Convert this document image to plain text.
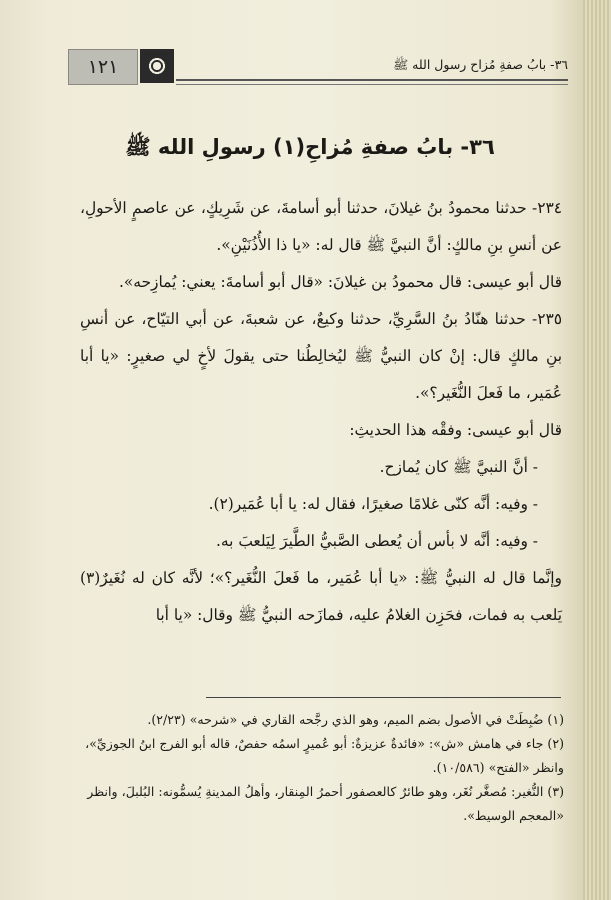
٣٦- بابُ صفةِ مُزاح رسول الله ﷺ
١٢١
٣٦- بابُ صفةِ مُزاحِ(١) رسولِ الله ﷺ

٢٣٤- حدثنا محمودُ بنُ غيلانَ، حدثنا أبو أسامةَ، عن شَرِيكٍ، عن عاصمٍ الأحولِ، عن أنسِ بنِ مالكٍ: أنَّ النبيَّ ﷺ قال له: «يا ذا الأُذُنَيْنِ».

قال أبو عيسى: قال محمودُ بن غيلانَ: «قال أبو أسامةَ: يعني: يُمازِحه».

٢٣٥- حدثنا هنّادُ بنُ السَّرِيِّ، حدثنا وكيعٌ، عن شعبةَ، عن أبي التيّاح، عن أنسِ بنِ مالكٍ قال: إنْ كان النبيُّ ﷺ ليُخالِطُنا حتى يقولَ لأخٍ لي صغيرٍ: «يا أبا عُمَير، ما فَعلَ النُّغَير؟».

قال أبو عيسى: وفقْه هذا الحديثِ:

- أنَّ النبيَّ ﷺ كان يُمازح.

- وفيه: أنَّه كنّى غلامًا صغيرًا، فقال له: يا أبا عُمَير(٢).

- وفيه: أنَّه لا بأس أن يُعطى الصَّبيُّ الطَّيرَ لِيَلعبَ به.

وإنَّما قال له النبيُّ ﷺ: «يا أبا عُمَير، ما فَعلَ النُّغَير؟»؛ لأنَّه كان له نُغَيرٌ(٣) يَلعب به فمات، فحَزِن الغلامُ عليه، فمازَحه النبيُّ ﷺ وقال: «يا أبا

(١) ضُبِطَتْ في الأصول بضم الميم، وهو الذي رجَّحه القاري في «شرحه» (٢/٢٣).

(٢) جاء في هامش «ش»: «فائدةٌ عزيزةٌ: أبو عُميرٍ اسمُه حفصٌ، قاله أبو الفرج ابنُ الجوزيِّ»، وانظر «الفتح» (١٠/٥٨٦).

(٣) النُّغير: مُصغَّر نُغَر، وهو طائرٌ كالعصفور أحمرُ المِنقار، وأهلُ المدينةِ يُسمُّونه: البُلبلَ، وانظر «المعجم الوسيط».
